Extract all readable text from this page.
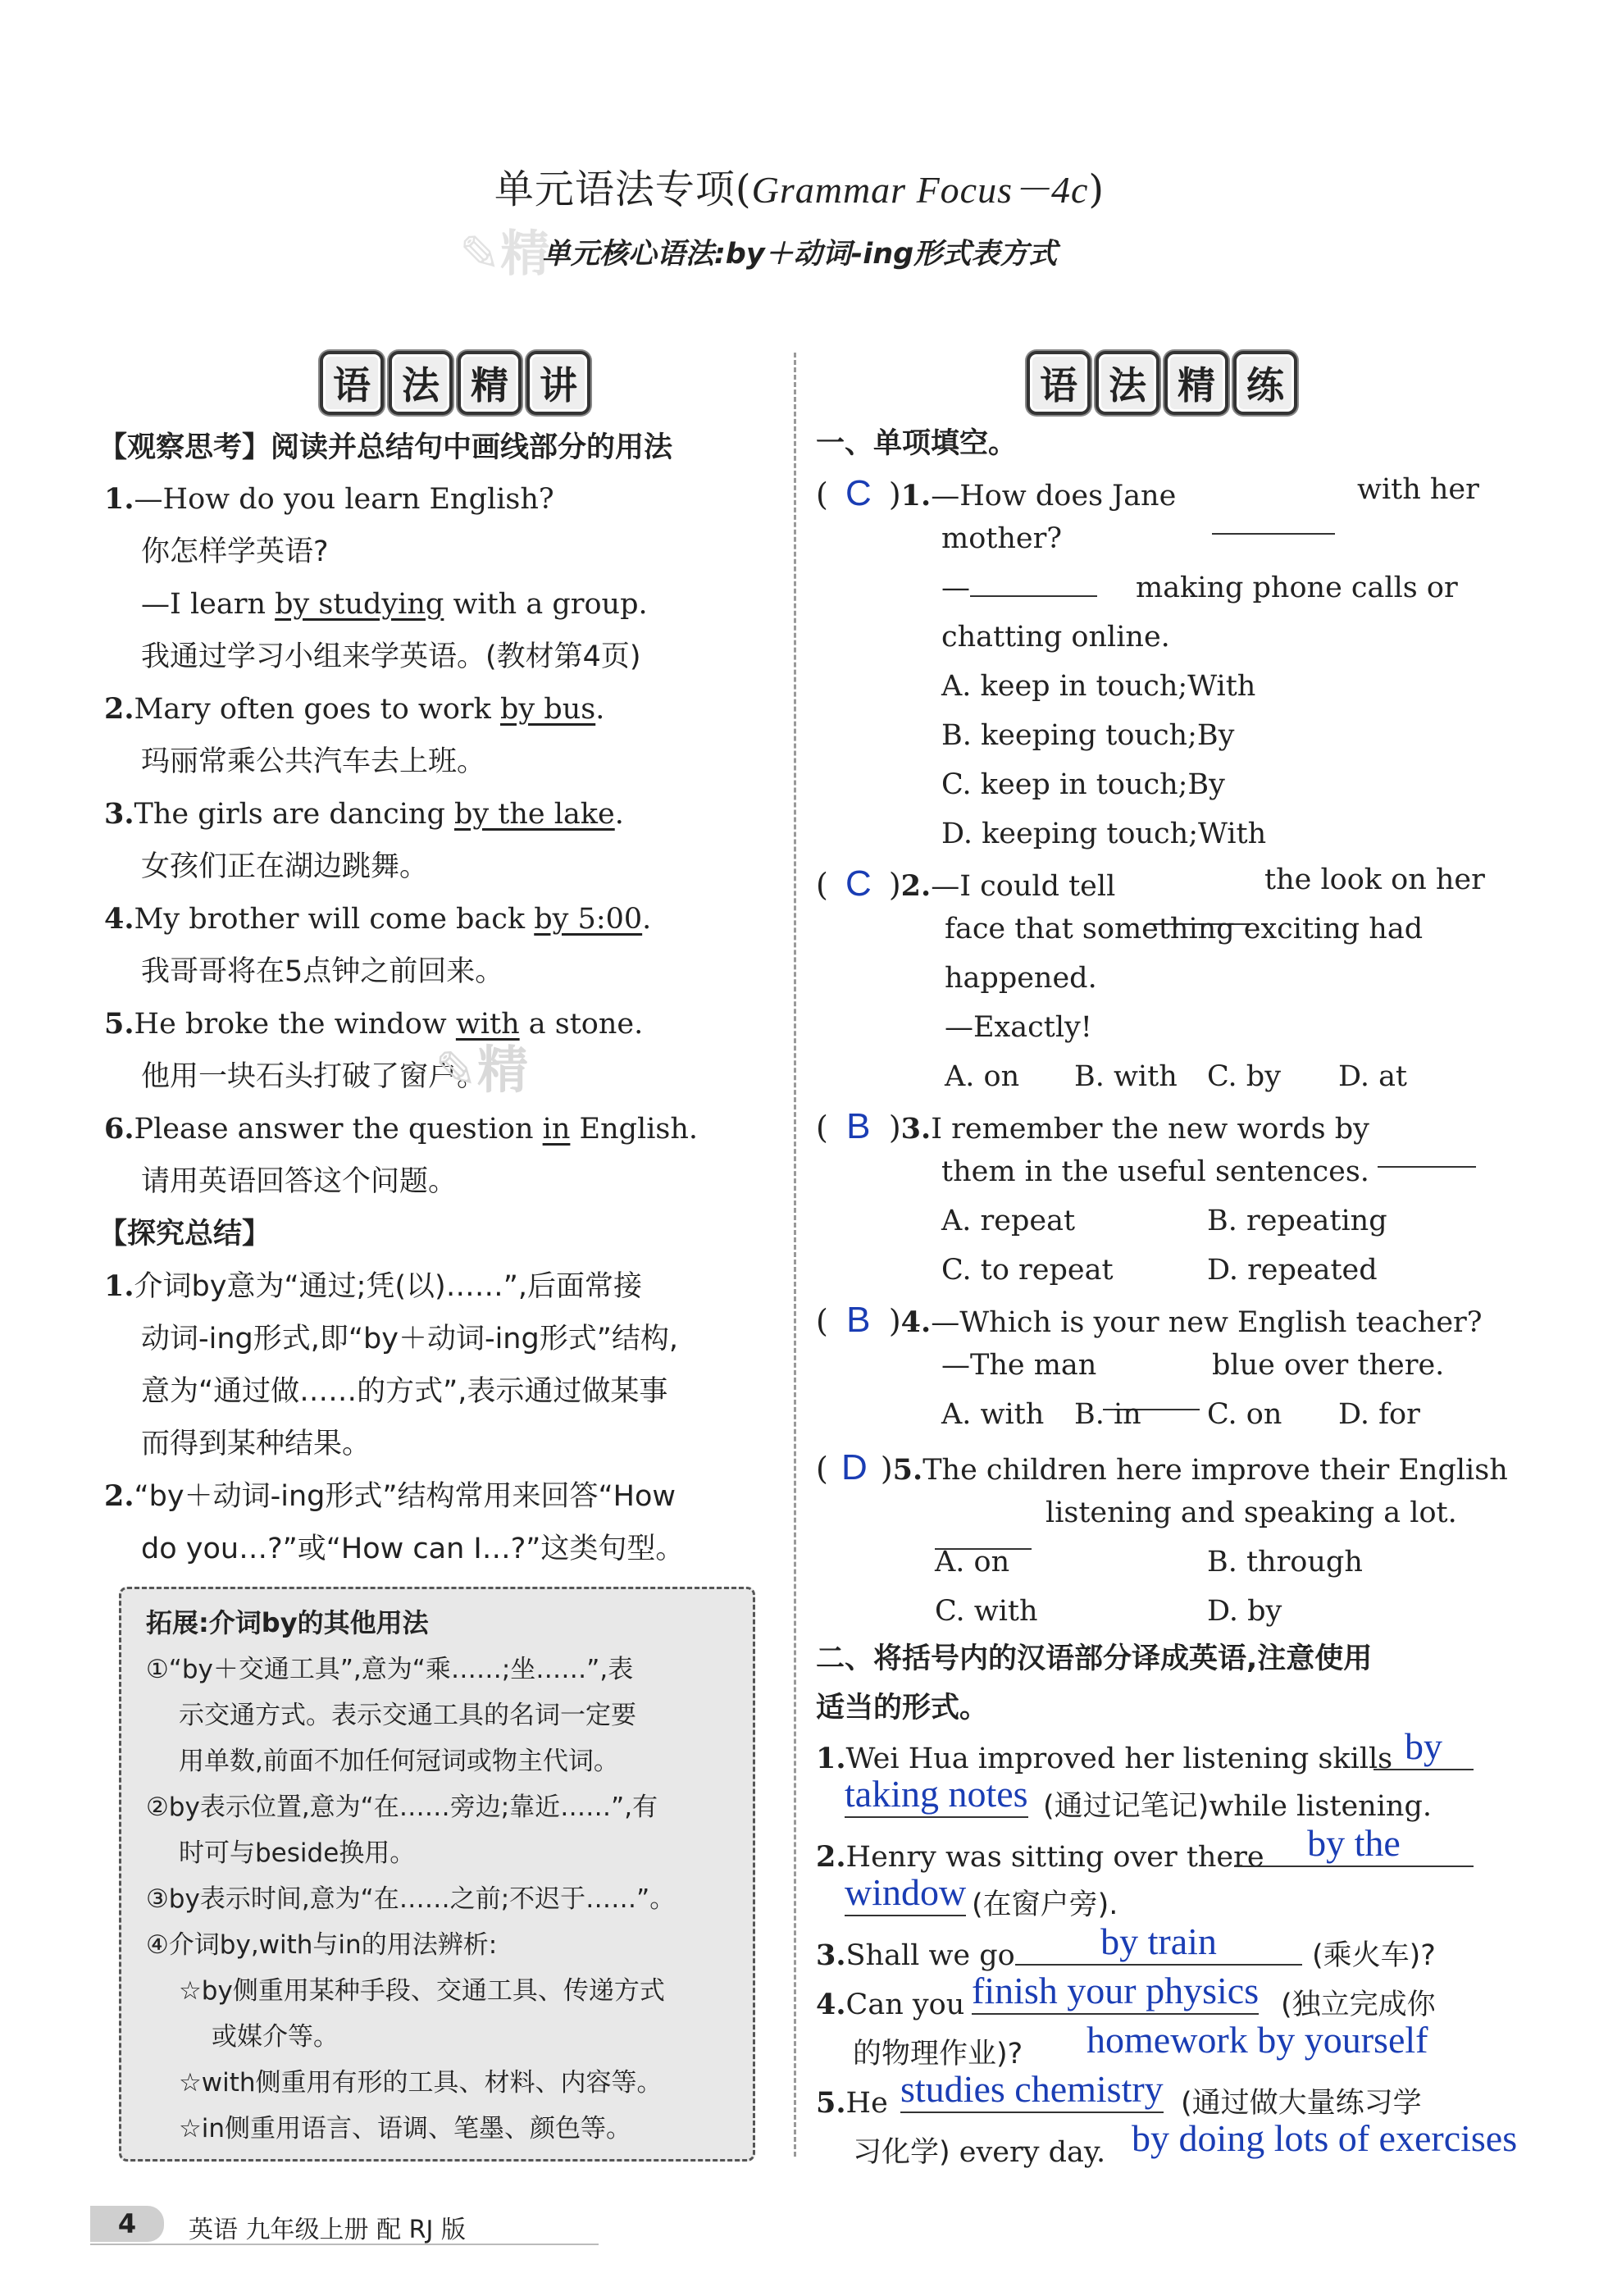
单元语法专项(Grammar Focus－4c)
✎精
单元核心语法:by＋动词-ing形式表方式
语 法 精 讲
【观察思考】阅读并总结句中画线部分的用法
1.—How do you learn English?
你怎样学英语?
—I learn by studying with a group.
我通过学习小组来学英语。(教材第4页)
2.Mary often goes to work by bus.
玛丽常乘公共汽车去上班。
3.The girls are dancing by the lake.
女孩们正在湖边跳舞。
4.My brother will come back by 5:00.
我哥哥将在5点钟之前回来。
5.He broke the window with a stone.
他用一块石头打破了窗户。
✎精
6.Please answer the question in English.
请用英语回答这个问题。
【探究总结】
1.介词by意为“通过;凭(以)……”,后面常接
动词-ing形式,即“by＋动词-ing形式”结构,
意为“通过做……的方式”,表示通过做某事
而得到某种结果。
2.“by＋动词-ing形式”结构常用来回答“How
do you…?”或“How can I…?”这类句型。
拓展:介词by的其他用法
①“by＋交通工具”,意为“乘……;坐……”,表
示交通方式。表示交通工具的名词一定要
用单数,前面不加任何冠词或物主代词。
②by表示位置,意为“在……旁边;靠近……”,有
时可与beside换用。
③by表示时间,意为“在……之前;不迟于……”。
④介词by,with与in的用法辨析:
☆by侧重用某种手段、交通工具、传递方式
或媒介等。
☆with侧重用有形的工具、材料、内容等。
☆in侧重用语言、语调、笔墨、颜色等。
语 法 精 练
一、单项填空。
( C )1.—How does Jane	with her
mother?
—	making phone calls or
chatting online.
A. keep in touch;With
B. keeping touch;By
C. keep in touch;By
D. keeping touch;With
( C )2.—I could tell	the look on her
face that something exciting had
happened.
—Exactly!
A. on B. with C. by D. at
( B )3.I remember the new words by
them in the useful sentences.
A. repeat	B. repeating
C. to repeat	D. repeated
( B )4.—Which is your new English teacher?
—The man	blue over there.
A. with B. in C. on D. for
( D )5.The children here improve their English
listening and speaking a lot.
A. on	B. through
C. with	D. by
二、将括号内的汉语部分译成英语,注意使用
适当的形式。
1.Wei Hua improved her listening skills by
taking notes (通过记笔记)while listening.
2.Henry was sitting over there	by the
window (在窗户旁).
3.Shall we go	by train	(乘火车)?
4.Can you finish your physics (独立完成你
的物理作业)? homework by yourself
5.He studies chemistry (通过做大量练习学
习化学) every day. by doing lots of exercises
4	英语 九年级上册 配 RJ 版
